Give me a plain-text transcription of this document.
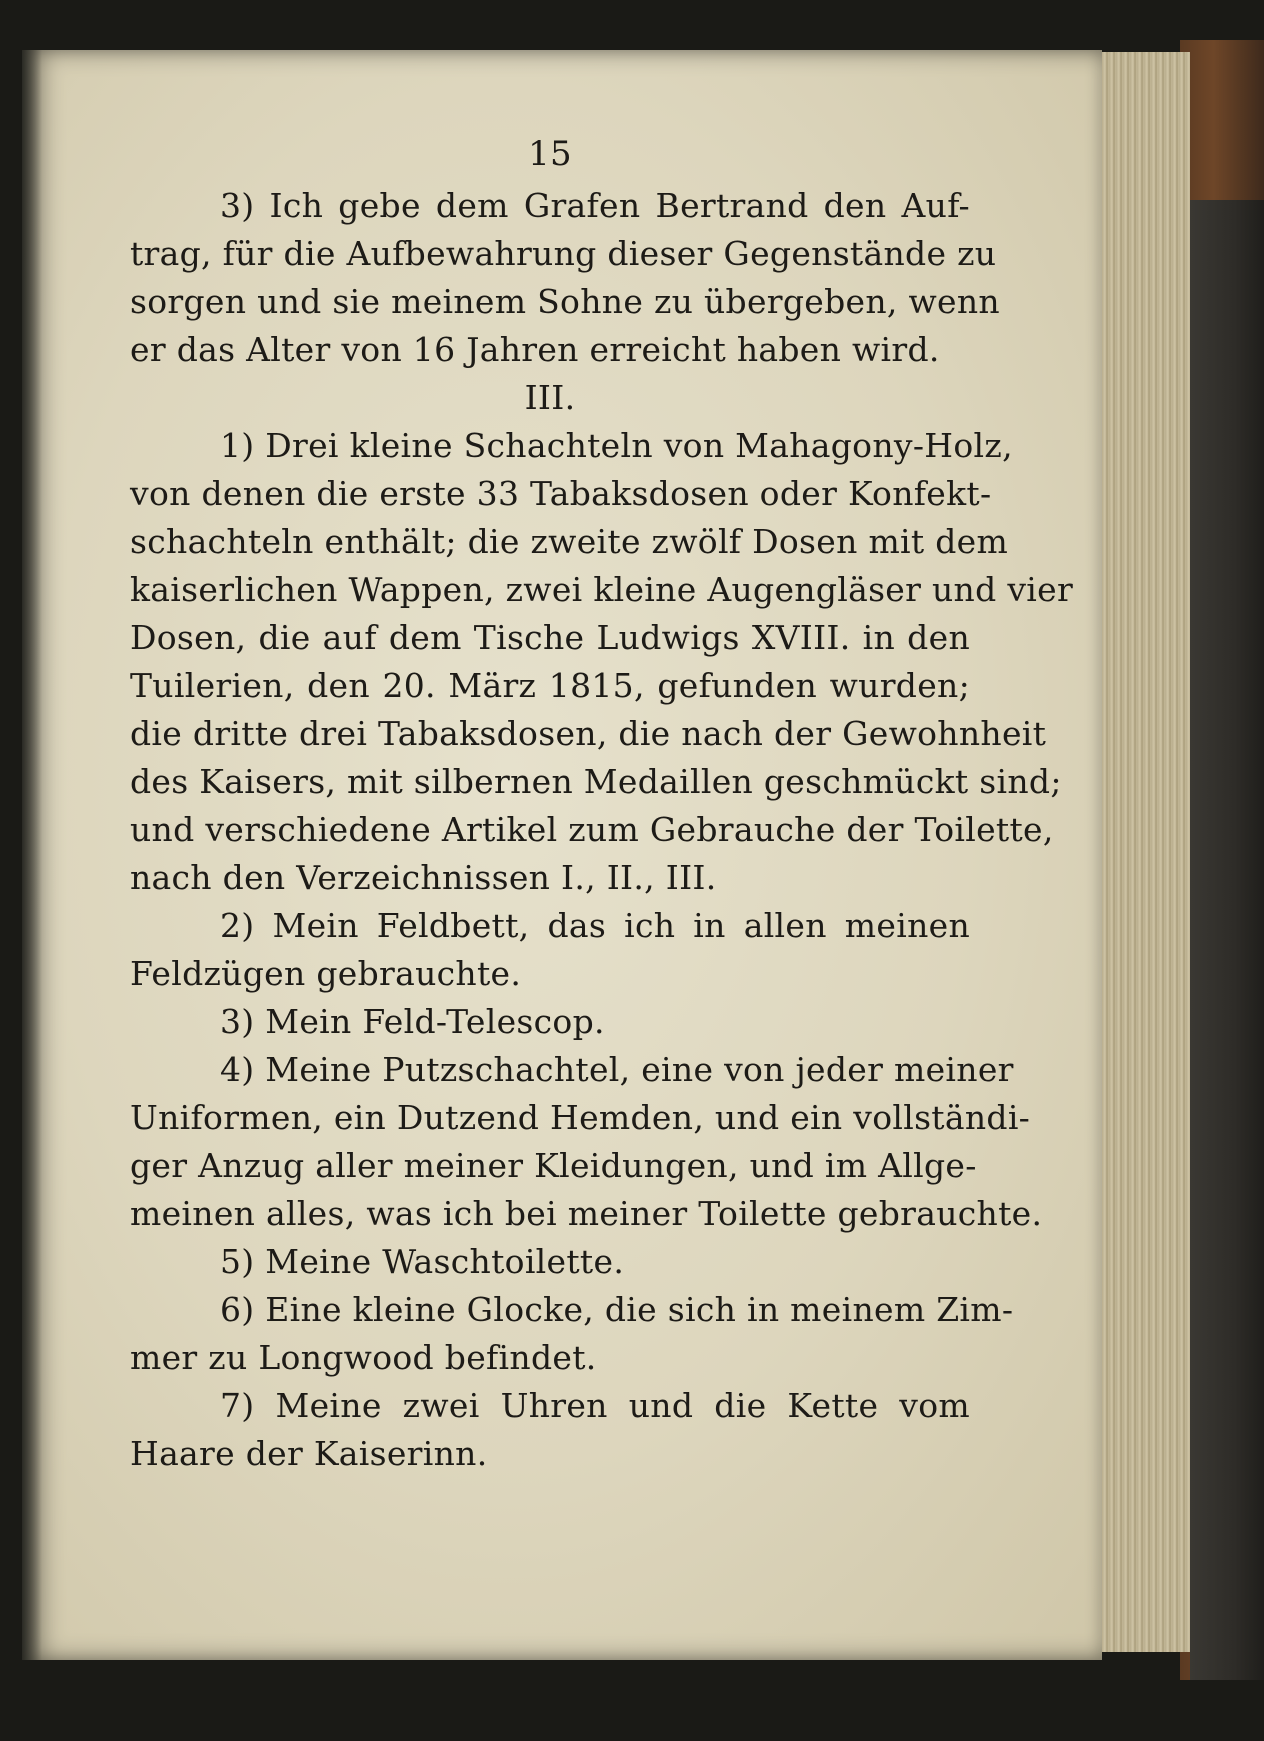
15
3) Ich gebe dem Grafen Bertrand den Auf-
trag, für die Aufbewahrung dieser Gegenstände zu
sorgen und sie meinem Sohne zu übergeben, wenn
er das Alter von 16 Jahren erreicht haben wird.
III.
1) Drei kleine Schachteln von Mahagony-Holz,
von denen die erste 33 Tabaksdosen oder Konfekt-
schachteln enthält; die zweite zwölf Dosen mit dem
kaiserlichen Wappen, zwei kleine Augengläser und vier
Dosen, die auf dem Tische Ludwigs XVIII. in den
Tuilerien, den 20. März 1815, gefunden wurden;
die dritte drei Tabaksdosen, die nach der Gewohnheit
des Kaisers, mit silbernen Medaillen geschmückt sind;
und verschiedene Artikel zum Gebrauche der Toilette,
nach den Verzeichnissen I., II., III.
2) Mein Feldbett, das ich in allen meinen
Feldzügen gebrauchte.
3) Mein Feld-Telescop.
4) Meine Putzschachtel, eine von jeder meiner
Uniformen, ein Dutzend Hemden, und ein vollständi-
ger Anzug aller meiner Kleidungen, und im Allge-
meinen alles, was ich bei meiner Toilette gebrauchte.
5) Meine Waschtoilette.
6) Eine kleine Glocke, die sich in meinem Zim-
mer zu Longwood befindet.
7) Meine zwei Uhren und die Kette vom
Haare der Kaiserinn.
